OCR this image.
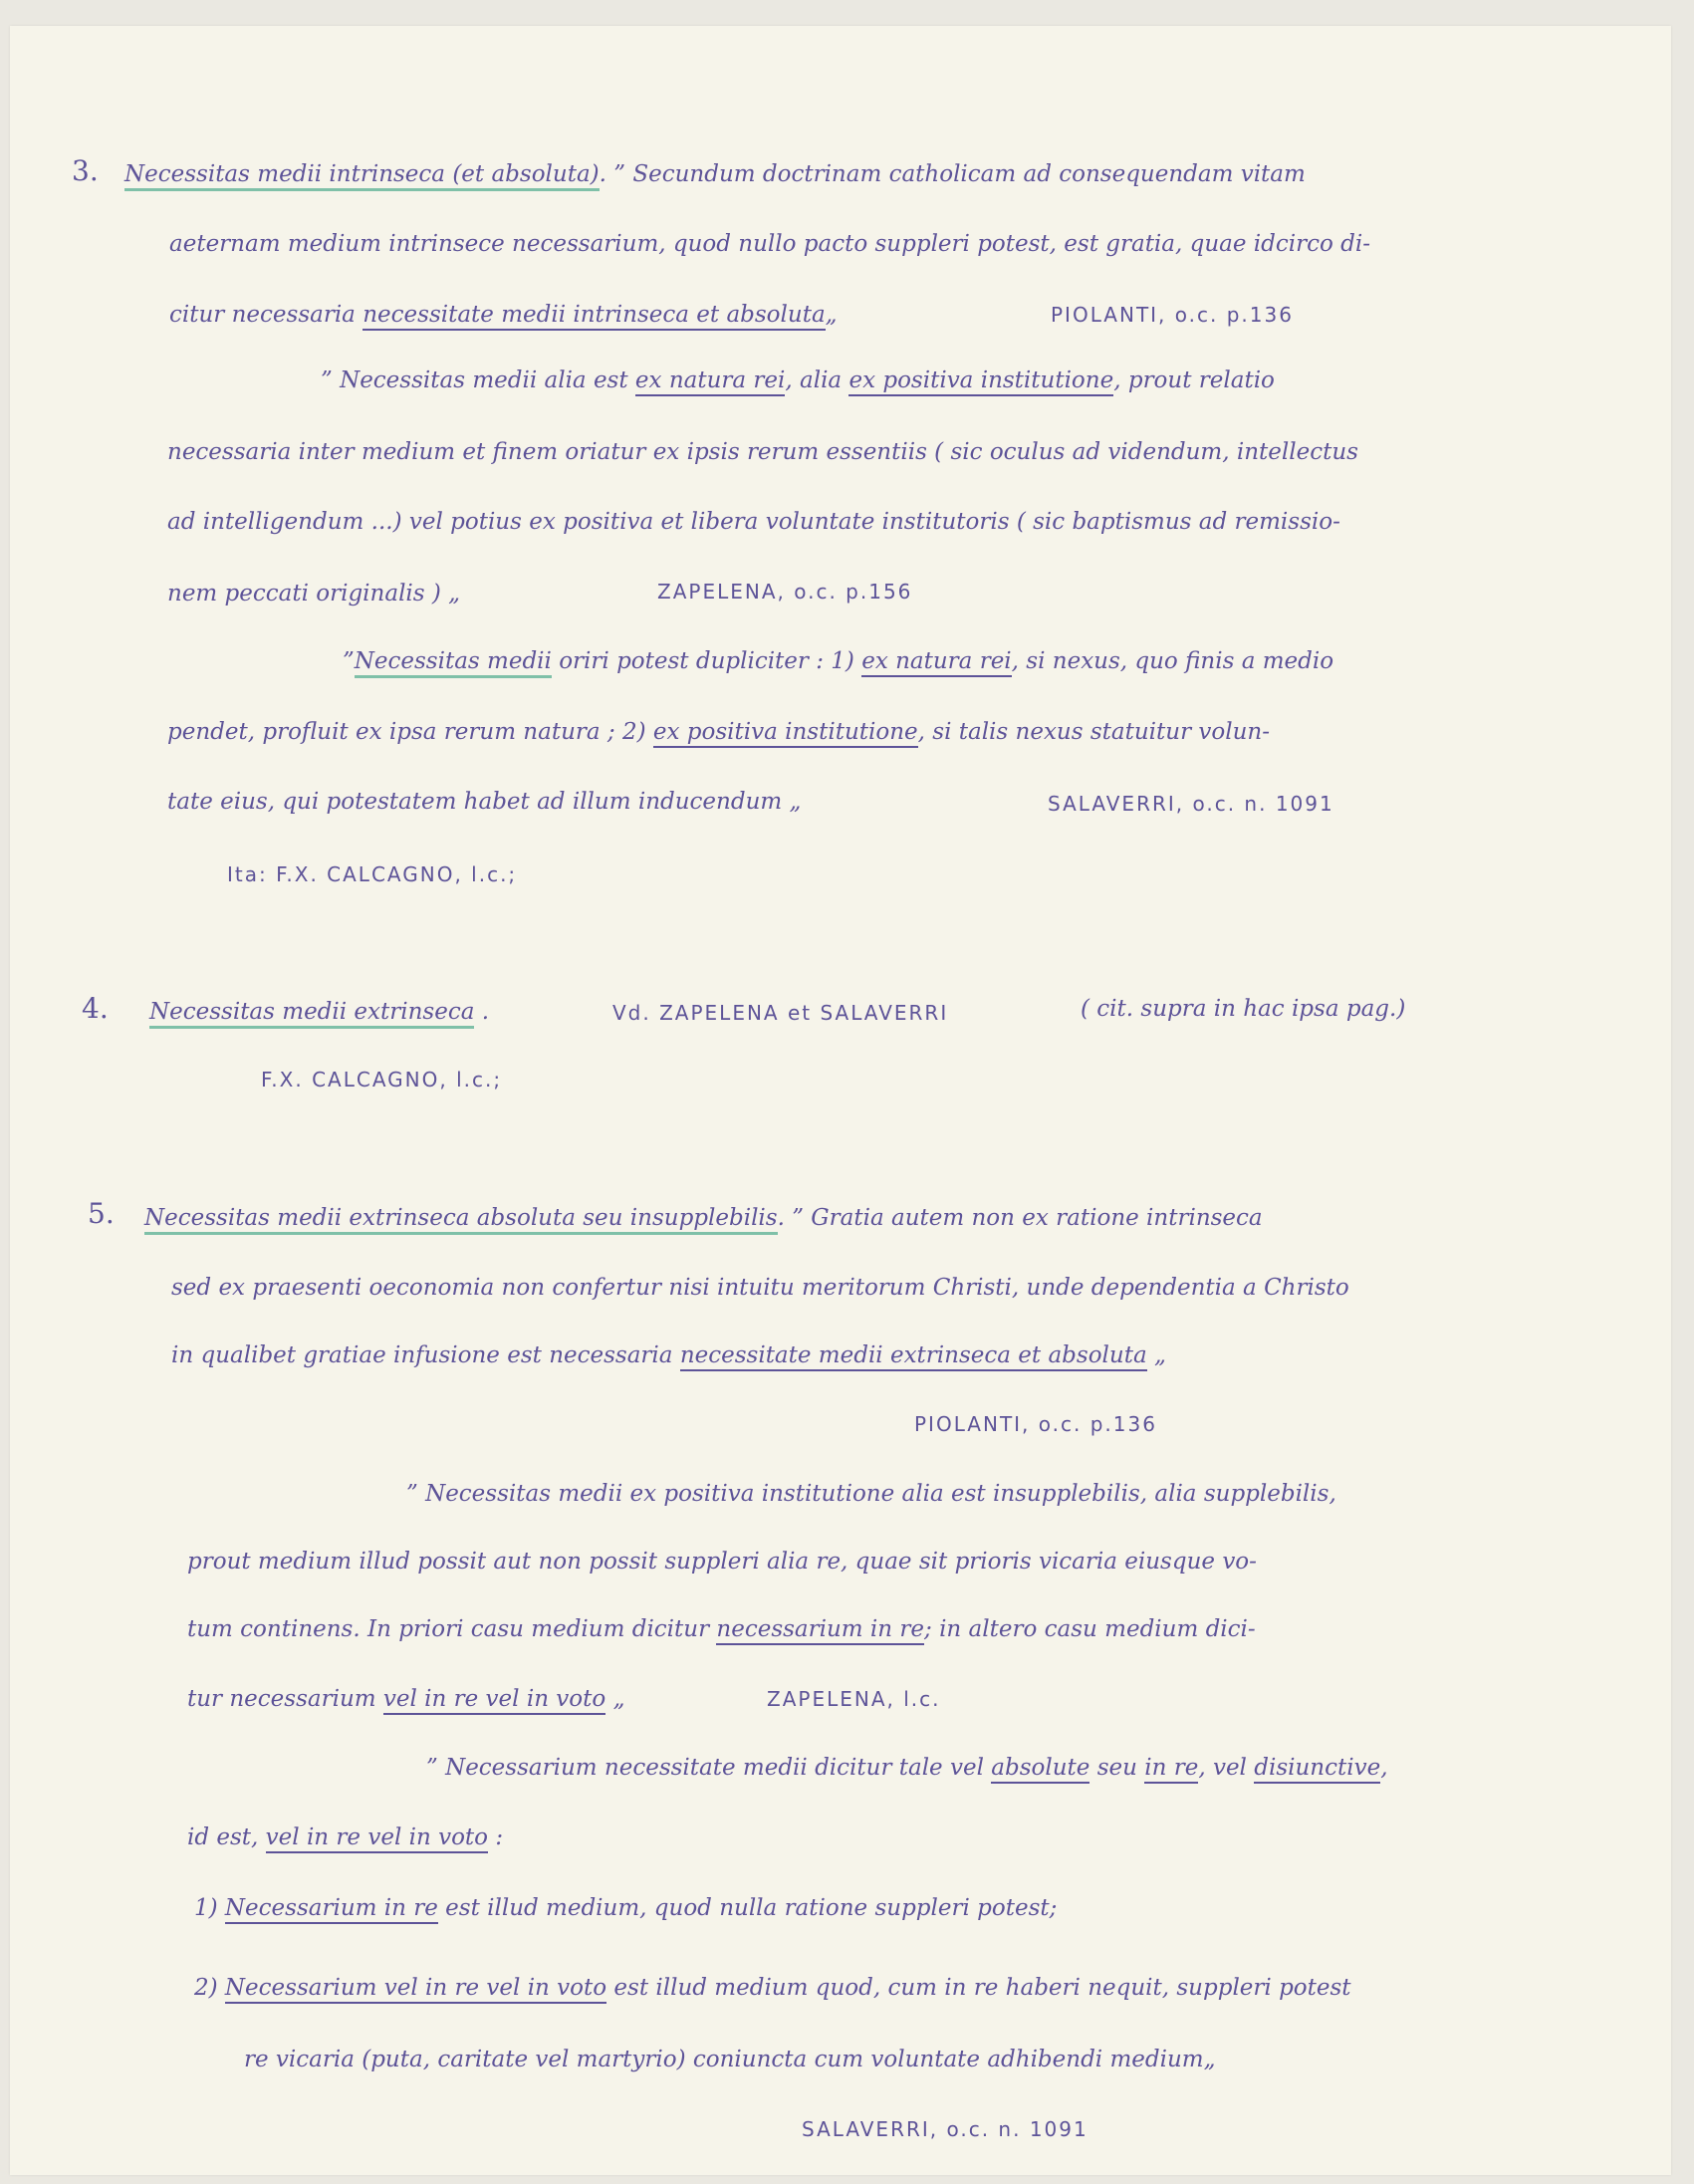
3. Necessitas medii intrinseca (et absoluta). ” Secundum doctrinam catholicam ad consequendam vitam
aeternam medium intrinsece necessarium, quod nullo pacto suppleri potest, est gratia, quae idcirco di-
citur necessaria necessitate medii intrinseca et absoluta„	PIOLANTI, o.c. p.136
” Necessitas medii alia est ex natura rei, alia ex positiva institutione, prout relatio
necessaria inter medium et finem oriatur ex ipsis rerum essentiis ( sic oculus ad videndum, intellectus
ad intelligendum ...) vel potius ex positiva et libera voluntate institutoris ( sic baptismus ad remissio-
nem peccati originalis ) „	ZAPELENA, o.c. p.156
”Necessitas medii oriri potest dupliciter : 1) ex natura rei, si nexus, quo finis a medio
pendet, profluit ex ipsa rerum natura ; 2) ex positiva institutione, si talis nexus statuitur volun-
tate eius, qui potestatem habet ad illum inducendum „	SALAVERRI, o.c. n. 1091
Ita: F.X. CALCAGNO, l.c.;
4. Necessitas medii extrinseca .	Vd. ZAPELENA et SALAVERRI	( cit. supra in hac ipsa pag.)
F.X. CALCAGNO, l.c.;
5. Necessitas medii extrinseca absoluta seu insupplebilis. ” Gratia autem non ex ratione intrinseca
sed ex praesenti oeconomia non confertur nisi intuitu meritorum Christi, unde dependentia a Christo
in qualibet gratiae infusione est necessaria necessitate medii extrinseca et absoluta „
PIOLANTI, o.c. p.136
” Necessitas medii ex positiva institutione alia est insupplebilis, alia supplebilis,
prout medium illud possit aut non possit suppleri alia re, quae sit prioris vicaria eiusque vo-
tum continens. In priori casu medium dicitur necessarium in re; in altero casu medium dici-
tur necessarium vel in re vel in voto „	ZAPELENA, l.c.
” Necessarium necessitate medii dicitur tale vel absolute seu in re, vel disiunctive,
id est, vel in re vel in voto :
1) Necessarium in re est illud medium, quod nulla ratione suppleri potest;
2) Necessarium vel in re vel in voto est illud medium quod, cum in re haberi nequit, suppleri potest
re vicaria (puta, caritate vel martyrio) coniuncta cum voluntate adhibendi medium„
SALAVERRI, o.c. n. 1091
